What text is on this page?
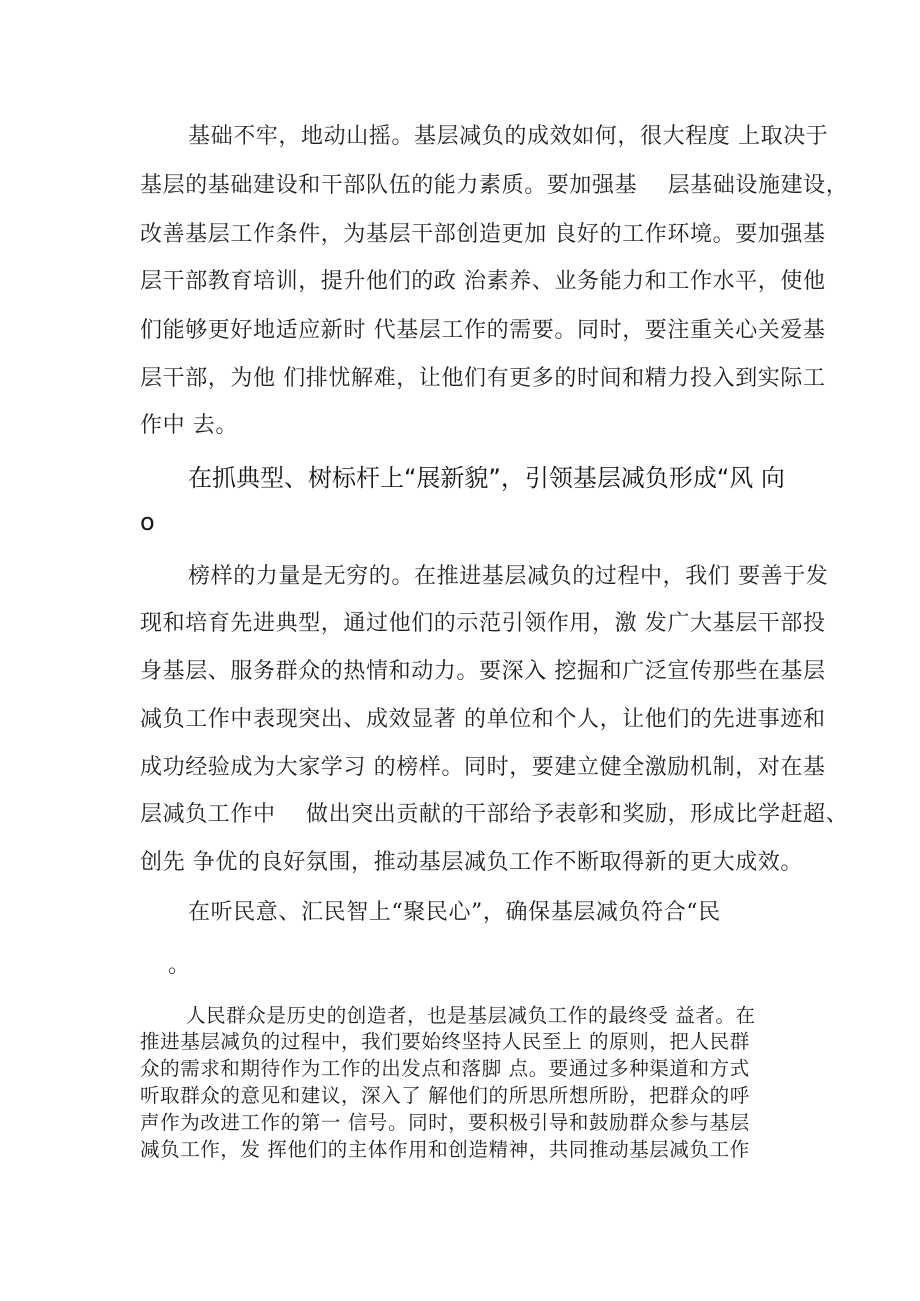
基础不牢，地动山摇。基层减负的成效如何，很大程度 上取决于
基层的基础建设和干部队伍的能力素质。要加强基    层基础设施建设，
改善基层工作条件，为基层干部创造更加 良好的工作环境。要加强基
层干部教育培训，提升他们的政 治素养、业务能力和工作水平，使他
们能够更好地适应新时 代基层工作的需要。同时，要注重关心关爱基
层干部，为他 们排忧解难，让他们有更多的时间和精力投入到实际工
作中 去。
在抓典型、树标杆上“展新貌”，引领基层减负形成“风 向
o
榜样的力量是无穷的。在推进基层减负的过程中，我们 要善于发
现和培育先进典型，通过他们的示范引领作用，激 发广大基层干部投
身基层、服务群众的热情和动力。要深入 挖掘和广泛宣传那些在基层
减负工作中表现突出、成效显著 的单位和个人，让他们的先进事迹和
成功经验成为大家学习 的榜样。同时，要建立健全激励机制，对在基
层减负工作中    做出突出贡献的干部给予表彰和奖励，形成比学赶超、
创先 争优的良好氛围，推动基层减负工作不断取得新的更大成效。
在听民意、汇民智上“聚民心”，确保基层减负符合“民
。
人民群众是历史的创造者，也是基层减负工作的最终受 益者。在
推进基层减负的过程中，我们要始终坚持人民至上 的原则，把人民群
众的需求和期待作为工作的出发点和落脚 点。要通过多种渠道和方式
听取群众的意见和建议，深入了 解他们的所思所想所盼，把群众的呼
声作为改进工作的第一 信号。同时，要积极引导和鼓励群众参与基层
减负工作，发 挥他们的主体作用和创造精神，共同推动基层减负工作
